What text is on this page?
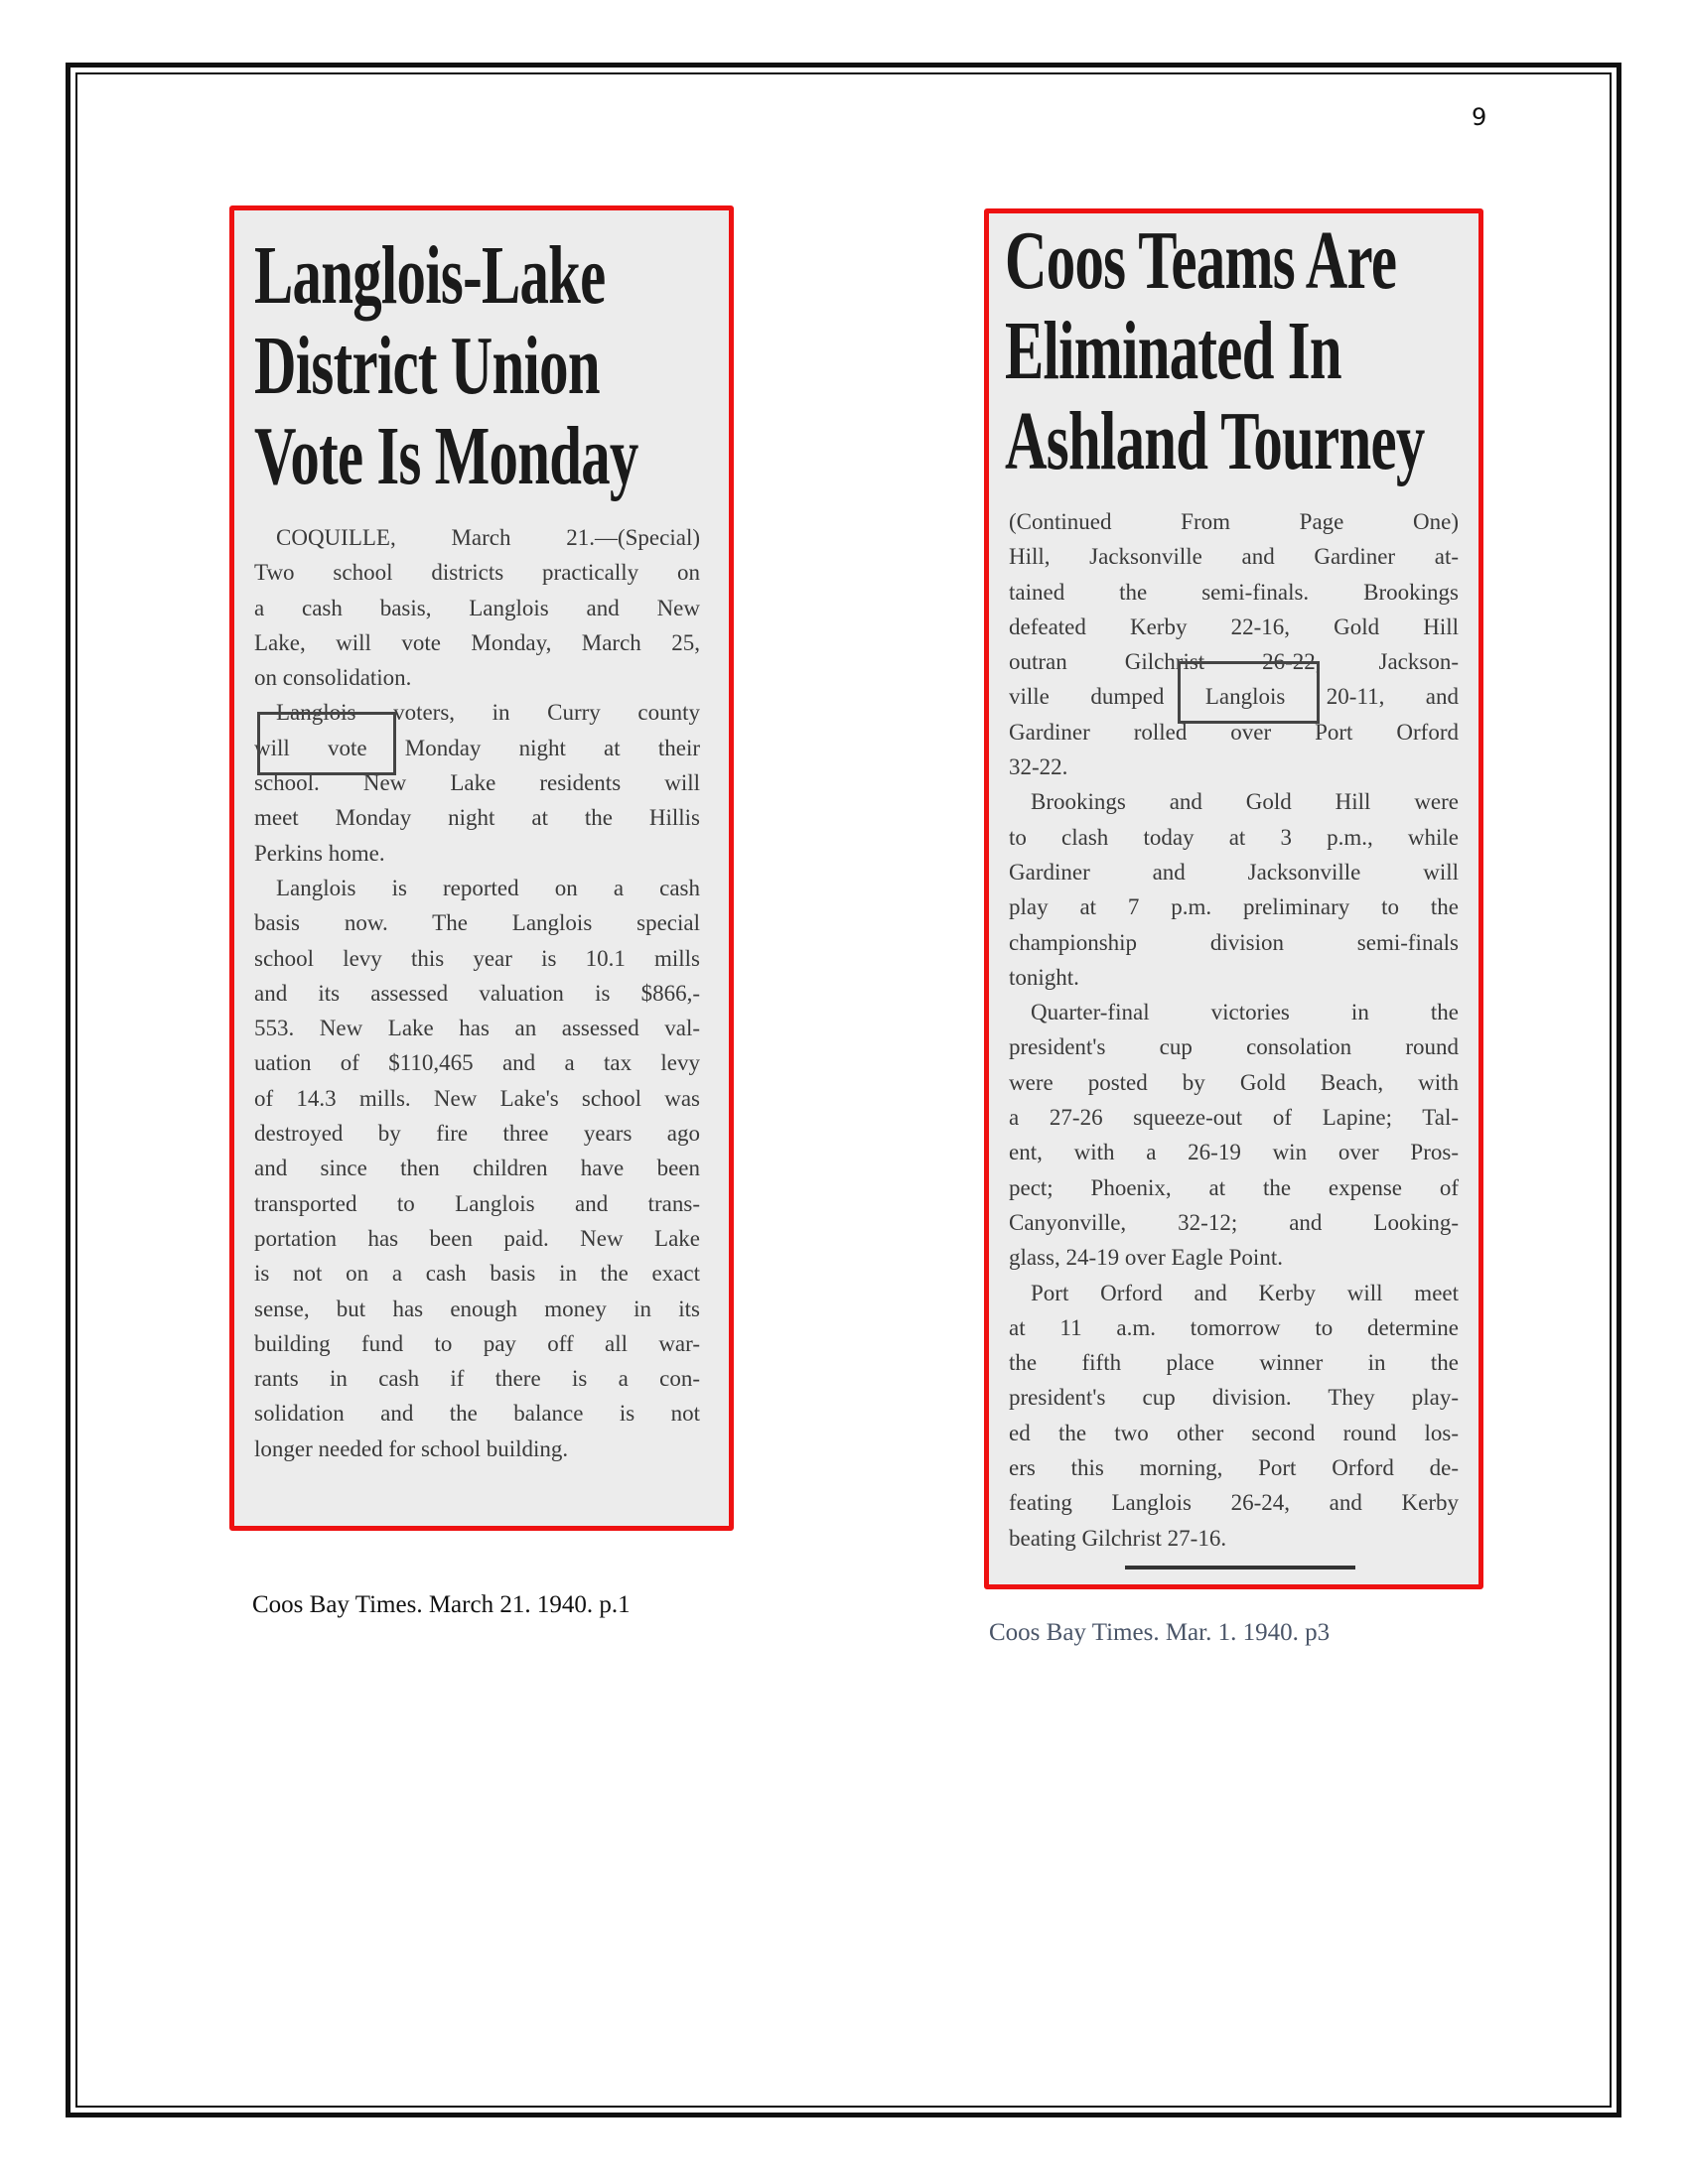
9
Langlois-Lake
District Union
Vote Is Monday
COQUILLE, March 21.—(Special)
Two school districts practically on
a cash basis, Langlois and New
Lake, will vote Monday, March 25,
on consolidation.
Langlois voters, in Curry county
will vote Monday night at their
school. New Lake residents will
meet Monday night at the Hillis
Perkins home.
Langlois is reported on a cash
basis now. The Langlois special
school levy this year is 10.1 mills
and its assessed valuation is $866,-
553. New Lake has an assessed val-
uation of $110,465 and a tax levy
of 14.3 mills. New Lake's school was
destroyed by fire three years ago
and since then children have been
transported to Langlois and trans-
portation has been paid. New Lake
is not on a cash basis in the exact
sense, but has enough money in its
building fund to pay off all war-
rants in cash if there is a con-
solidation and the balance is not
longer needed for school building.
Coos Bay Times. March 21. 1940. p.1
Coos Teams Are
Eliminated In
Ashland Tourney
(Continued From Page One)
Hill, Jacksonville and Gardiner at-
tained the semi-finals. Brookings
defeated Kerby 22-16, Gold Hill
outran Gilchrist 26-22, Jackson-
ville dumped Langlois 20-11, and
Gardiner rolled over Port Orford
32-22.
Brookings and Gold Hill were
to clash today at 3 p.m., while
Gardiner and Jacksonville will
play at 7 p.m. preliminary to the
championship division semi-finals
tonight.
Quarter-final victories in the
president's cup consolation round
were posted by Gold Beach, with
a 27-26 squeeze-out of Lapine; Tal-
ent, with a 26-19 win over Pros-
pect; Phoenix, at the expense of
Canyonville, 32-12; and Looking-
glass, 24-19 over Eagle Point.
Port Orford and Kerby will meet
at 11 a.m. tomorrow to determine
the fifth place winner in the
president's cup division. They play-
ed the two other second round los-
ers this morning, Port Orford de-
feating Langlois 26-24, and Kerby
beating Gilchrist 27-16.
Coos Bay Times. Mar. 1. 1940. p3
